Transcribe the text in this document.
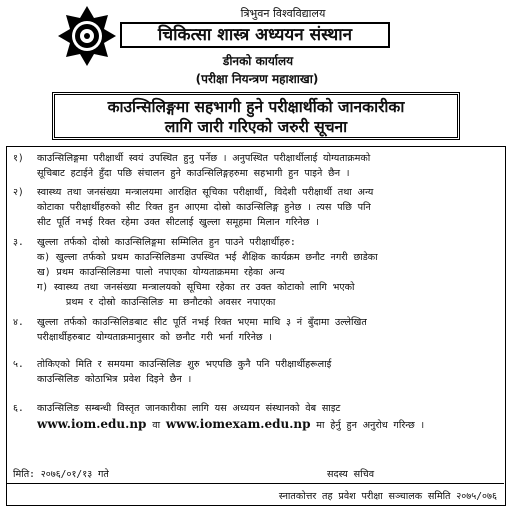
त्रिभुवन विश्वविद्यालय
चिकित्सा शास्त्र अध्ययन संस्थान
डीनको कार्यालय
(परीक्षा नियन्त्रण महाशाखा)
काउन्सिलिङ्गमा सहभागी हुने परीक्षार्थीको जानकारीका
लागि जारी गरिएको जरुरी सूचना
१)	काउन्सिलिङ्गमा परीक्षार्थी स्वयं उपस्थित हुनु पर्नेछ । अनुपस्थित परीक्षार्थीलाई योग्यताक्रमको
सूचिबाट हटाईने हुँदा पछि संचालन हुने काउन्सिलिङ्गहरुमा सहभागी हुन पाइने छैन ।
२)	स्वास्थ्य तथा जनसंख्या मन्त्रालयमा आरक्षित सूचिका परीक्षार्थी, विदेशी परीक्षार्थी तथा अन्य
कोटाका परीक्षार्थीहरुको सीट रिक्त हुन आएमा दोस्रो काउन्सिलिङ्ग हुनेछ । त्यस पछि पनि
सीट पूर्ति नभई रिक्त रहेमा उक्त सीटलाई खुल्ला समूहमा मिलान गरिनेछ ।
३.	खुल्ला तर्फको दोस्रो काउन्सिलिङ्गमा सम्मिलित हुन पाउने परीक्षार्थीहरु:
क) खुल्ला तर्फको प्रथम काउन्सिलिङमा उपस्थित भई शैक्षिक कार्यक्रम छनौट नगरी छाडेका
ख) प्रथम काउन्सिलिङमा पालो नपाएका योग्यताक्रममा रहेका अन्य
ग) स्वास्थ्य तथा जनसंख्या मन्त्रालयको सूचिमा रहेका तर उक्त कोटाको लागि भएको
प्रथम र दोस्रो काउन्सिलिङ मा छनौटको अवसर नपाएका
४.	खुल्ला तर्फको काउन्सिलिङबाट सीट पूर्ति नभई रिक्त भएमा माथि ३ नं बुँदामा उल्लेखित
परीक्षार्थीहरुबाट योग्यताक्रमानुसार को छनौट गरी भर्ना गरिनेछ ।
५.	तोकिएको मिति र समयमा काउन्सिलिङ शुरु भएपछि कुनै पनि परीक्षार्थीहरूलाई
काउन्सिलिङ कोठाभित्र प्रवेश दिइने छैन ।
६.	काउन्सिलिङ सम्बन्धी विस्तृत जानकारीका लागि यस अध्ययन संस्थानको वेब साइट
www.iom.edu.np वा www.iomexam.edu.np मा हेर्नु हुन अनुरोध गरिन्छ ।
मिति: २०७६/०१/१३ गते	सदस्य सचिव
स्नातकोत्तर तह प्रवेश परीक्षा सञ्चालक समिति २०७५/०७६
